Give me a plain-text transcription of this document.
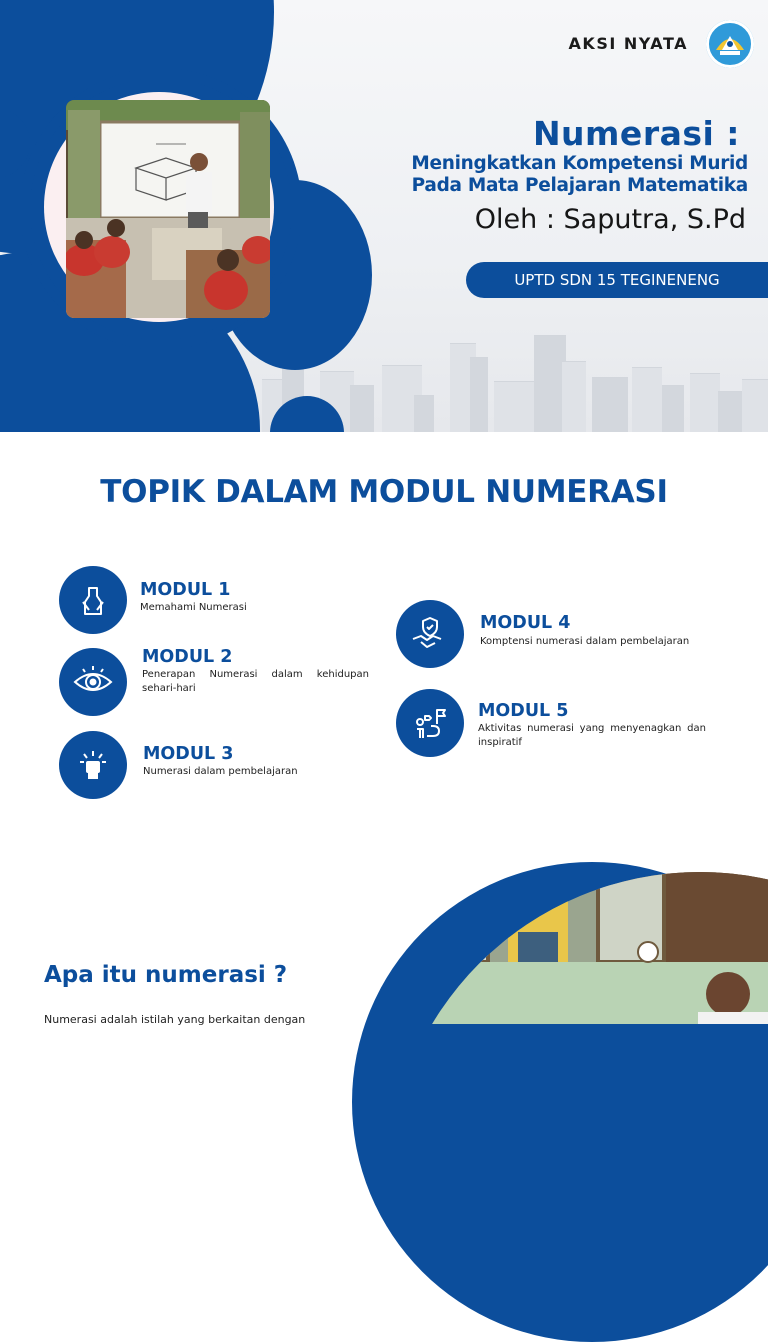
AKSI NYATA
Numerasi :
Meningkatkan Kompetensi Murid
Pada Mata Pelajaran Matematika
Oleh : Saputra, S.Pd
UPTD SDN 15 TEGINENENG
TOPIK DALAM MODUL NUMERASI
MODUL 1
Memahami Numerasi
MODUL 2
Penerapan Numerasi dalam kehidupan sehari-hari
MODUL 3
Numerasi dalam pembelajaran
MODUL 4
Komptensi numerasi dalam pembelajaran
MODUL 5
Aktivitas numerasi yang menyenagkan dan inspiratif
Apa itu numerasi ?
Numerasi adalah istilah yang berkaitan dengan
